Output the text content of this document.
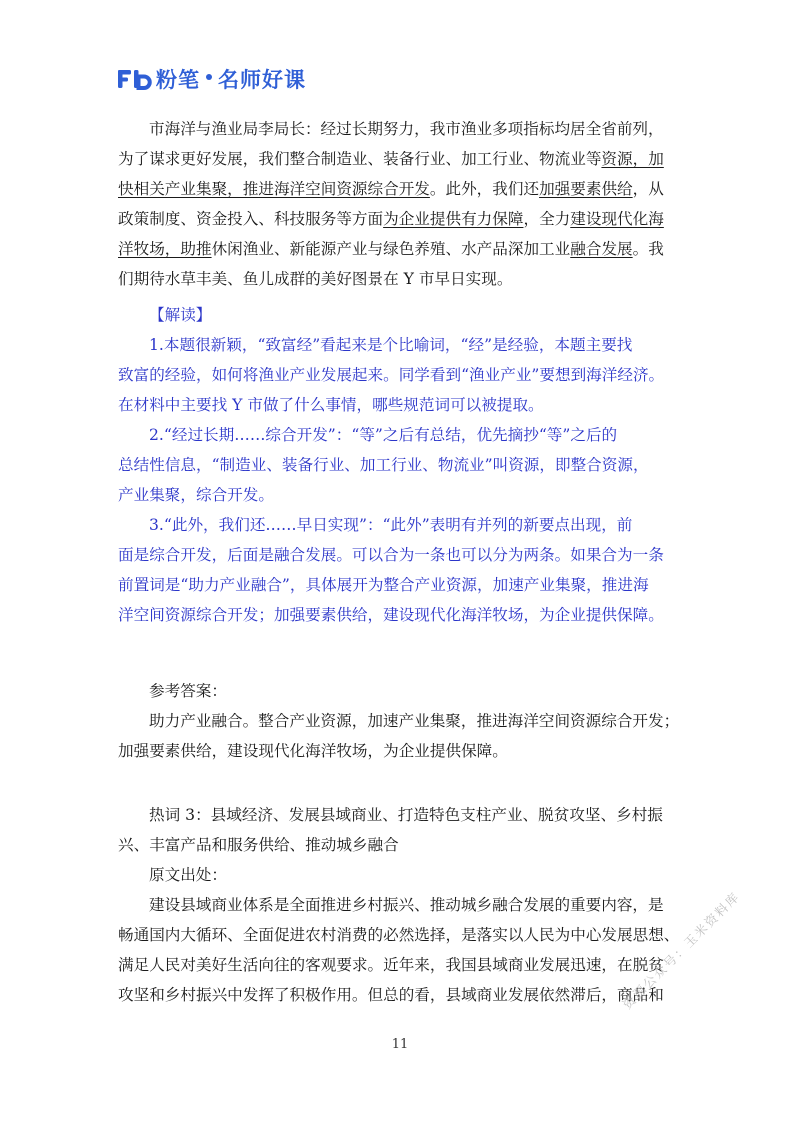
粉笔 名师好课
市海洋与渔业局李局长：经过长期努力，我市渔业多项指标均居全省前列，
为了谋求更好发展，我们整合制造业、装备行业、加工行业、物流业等资源，加
快相关产业集聚，推进海洋空间资源综合开发。此外，我们还加强要素供给，从
政策制度、资金投入、科技服务等方面为企业提供有力保障，全力建设现代化海
洋牧场，助推休闲渔业、新能源产业与绿色养殖、水产品深加工业融合发展。我
们期待水草丰美、鱼儿成群的美好图景在 Y 市早日实现。
【解读】
1.本题很新颖，“致富经”看起来是个比喻词，“经”是经验，本题主要找
致富的经验，如何将渔业产业发展起来。同学看到“渔业产业”要想到海洋经济。
在材料中主要找 Y 市做了什么事情，哪些规范词可以被提取。
2.“经过长期……综合开发”：“等”之后有总结，优先摘抄“等”之后的
总结性信息，“制造业、装备行业、加工行业、物流业”叫资源，即整合资源，
产业集聚，综合开发。
3.“此外，我们还……早日实现”：“此外”表明有并列的新要点出现，前
面是综合开发，后面是融合发展。可以合为一条也可以分为两条。如果合为一条
前置词是“助力产业融合”，具体展开为整合产业资源，加速产业集聚，推进海
洋空间资源综合开发；加强要素供给，建设现代化海洋牧场，为企业提供保障。
参考答案：
助力产业融合。整合产业资源，加速产业集聚，推进海洋空间资源综合开发；
加强要素供给，建设现代化海洋牧场，为企业提供保障。
热词 3：县域经济、发展县域商业、打造特色支柱产业、脱贫攻坚、乡村振
兴、丰富产品和服务供给、推动城乡融合
原文出处：
建设县域商业体系是全面推进乡村振兴、推动城乡融合发展的重要内容，是
畅通国内大循环、全面促进农村消费的必然选择，是落实以人民为中心发展思想、
满足人民对美好生活向往的客观要求。近年来，我国县域商业发展迅速，在脱贫
攻坚和乡村振兴中发挥了积极作用。但总的看，县域商业发展依然滞后，商品和
11
资源公众号：玉米资料库
